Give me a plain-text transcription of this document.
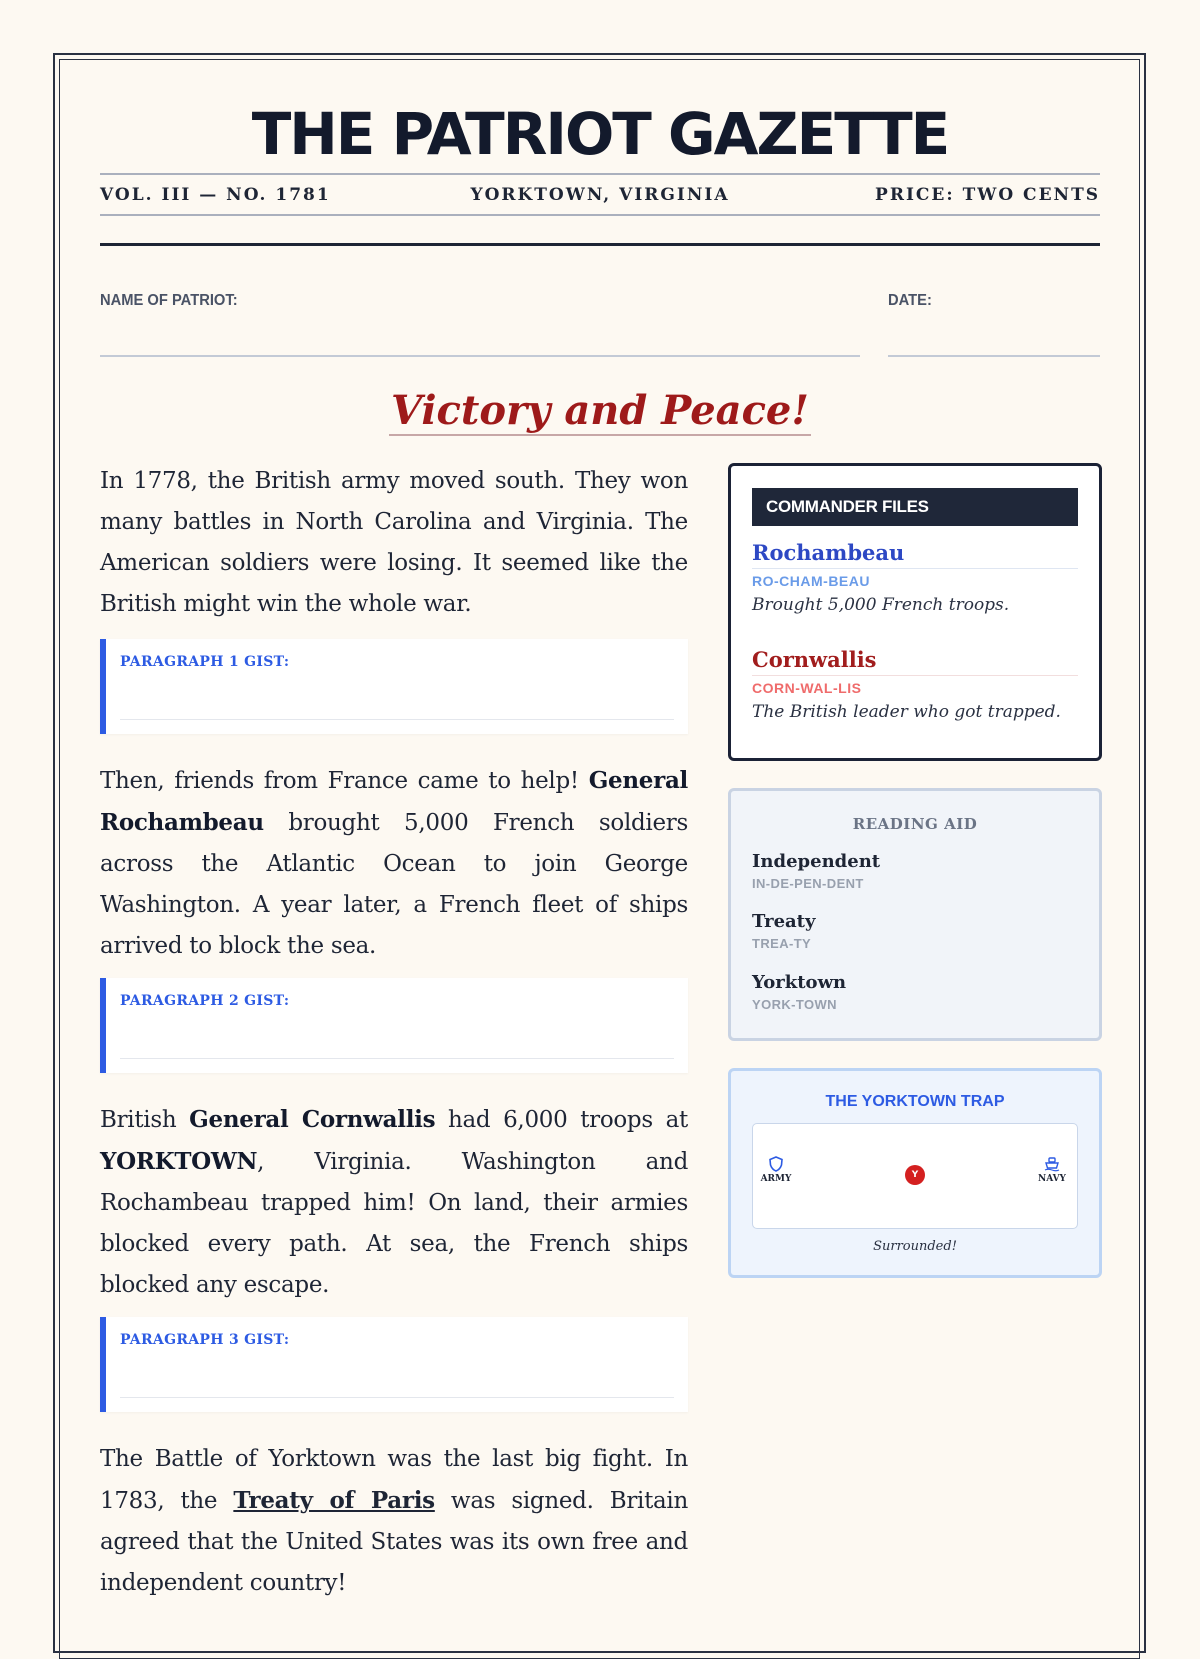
THE PATRIOT GAZETTE
VOL. III — NO. 1781	YORKTOWN, VIRGINIA	PRICE: TWO CENTS
NAME OF PATRIOT:	DATE:
Victory and Peace!
In 1778, the British army moved south. They won many battles in North Carolina and Virginia. The American soldiers were losing. It seemed like the British might win the whole war.
PARAGRAPH 1 GIST:
Then, friends from France came to help! General Rochambeau brought 5,000 French soldiers across the Atlantic Ocean to join George Washington. A year later, a French fleet of ships arrived to block the sea.
PARAGRAPH 2 GIST:
British General Cornwallis had 6,000 troops at YORKTOWN, Virginia. Washington and Rochambeau trapped him! On land, their armies blocked every path. At sea, the French ships blocked any escape.
PARAGRAPH 3 GIST:
The Battle of Yorktown was the last big fight. In 1783, the Treaty of Paris was signed. Britain agreed that the United States was its own free and independent country!
COMMANDER FILES
Rochambeau
RO-CHAM-BEAU
Brought 5,000 French troops.
Cornwallis
CORN-WAL-LIS
The British leader who got trapped.
READING AID
Independent
IN-DE-PEN-DENT
Treaty
TREA-TY
Yorktown
YORK-TOWN
THE YORKTOWN TRAP
ARMY	Y	NAVY
Surrounded!
